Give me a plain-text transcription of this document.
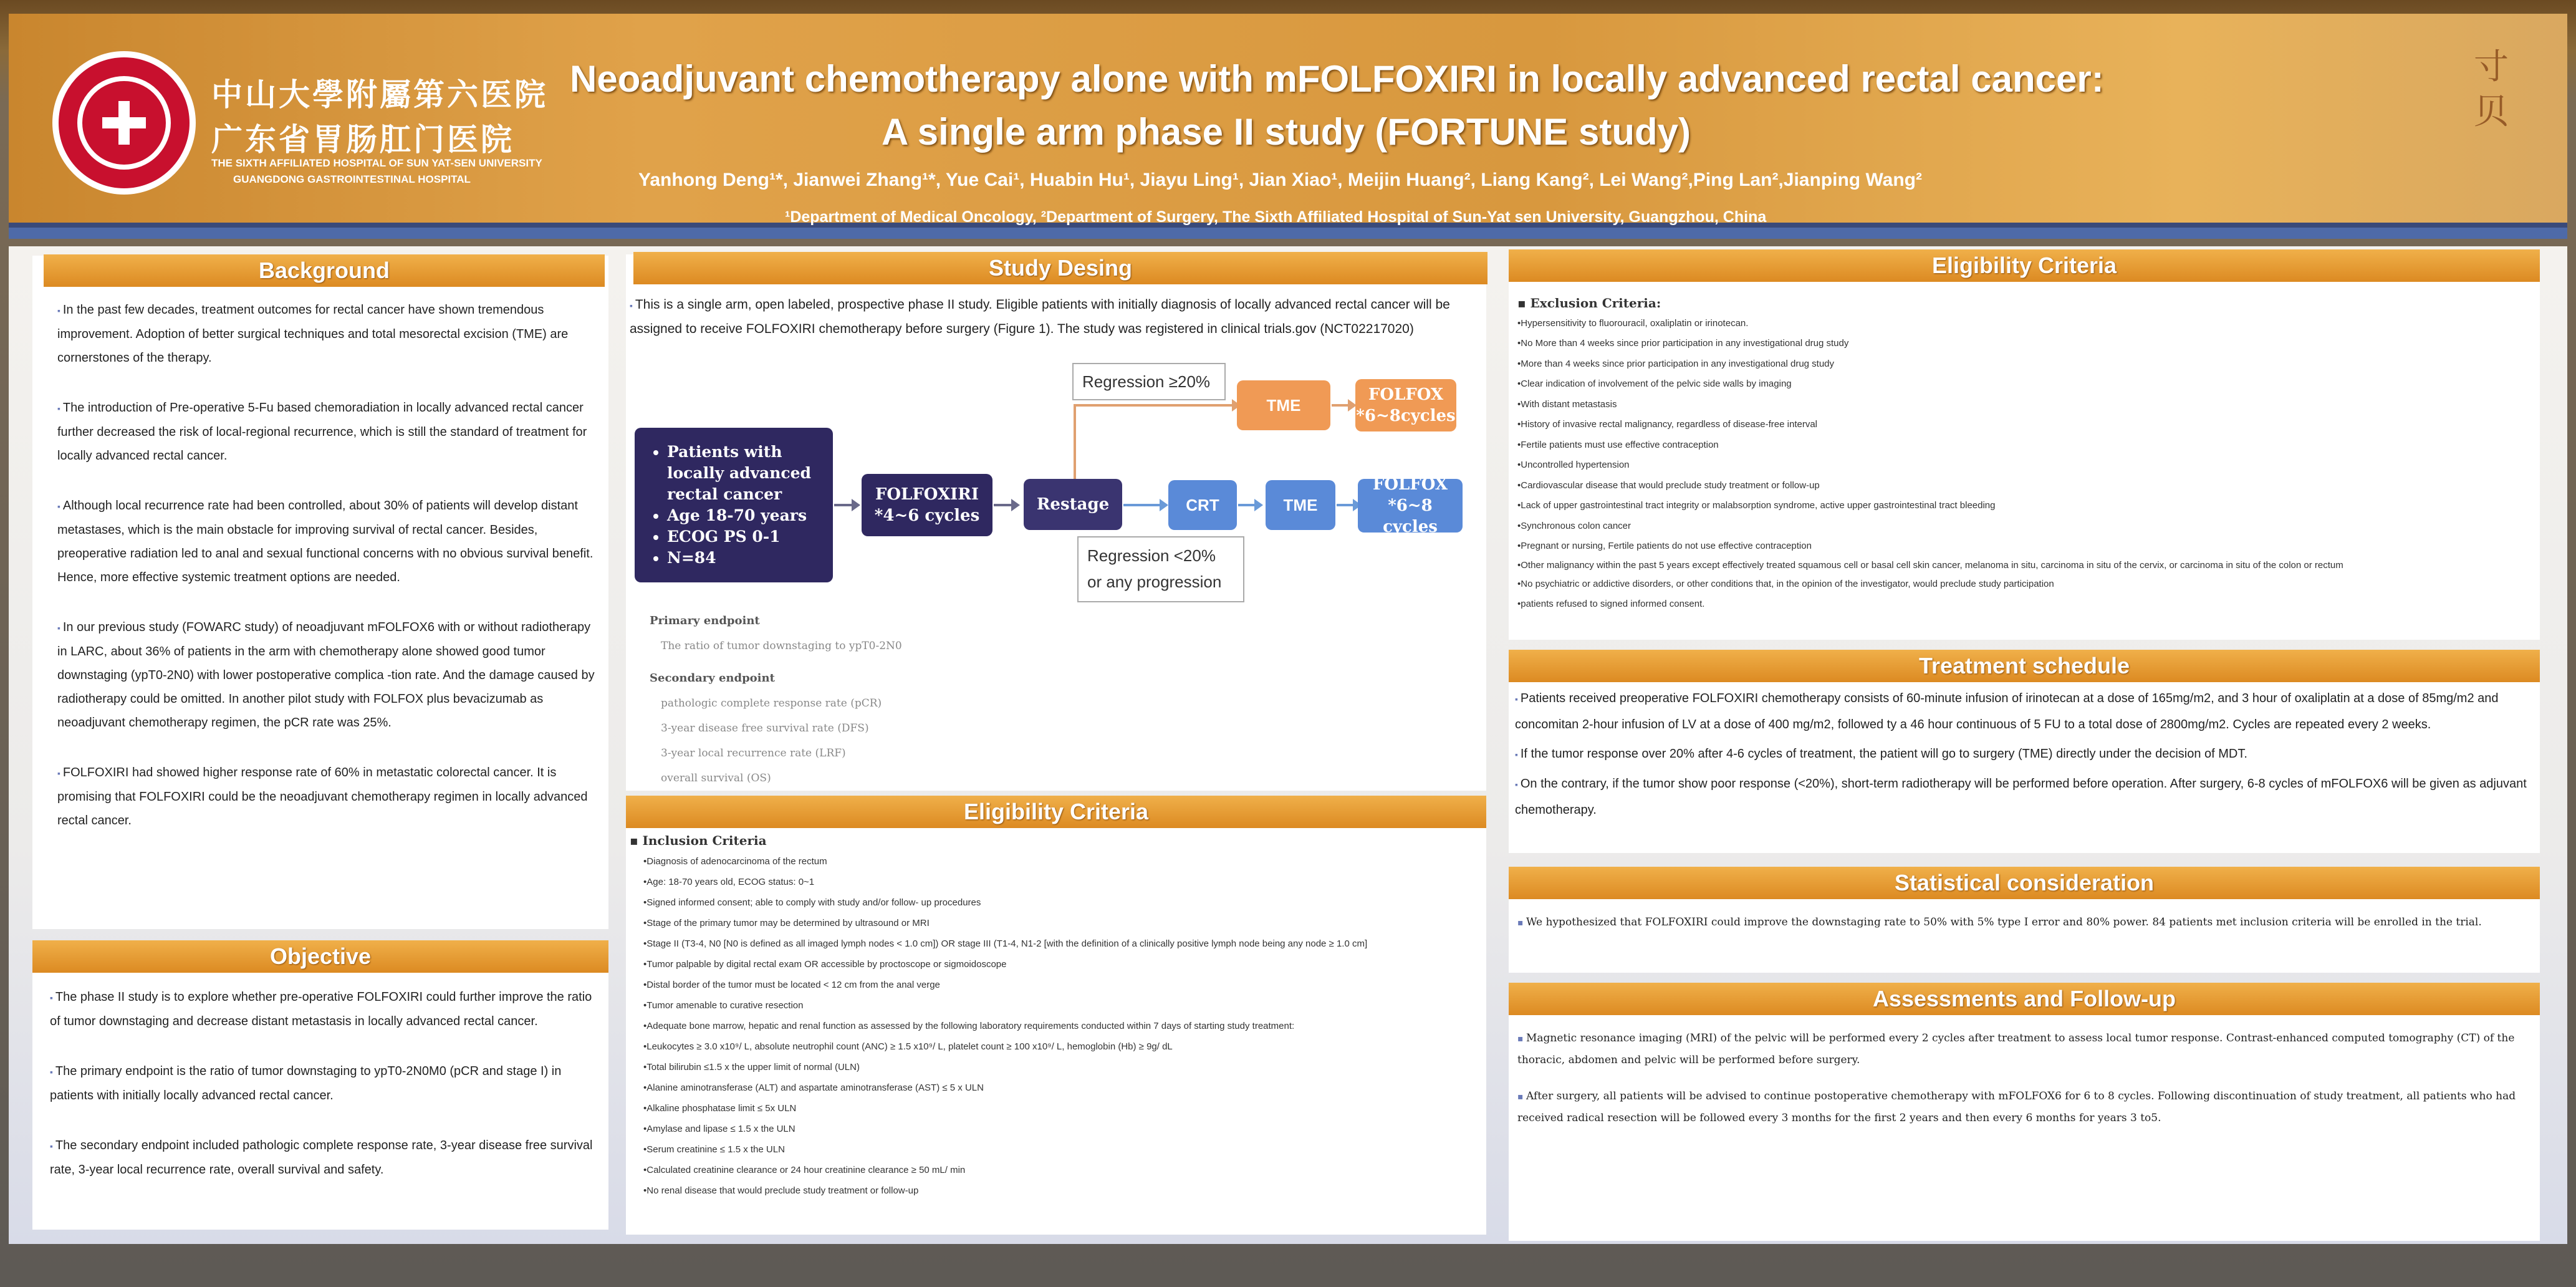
中山大學附屬第六医院
广东省胃肠肛门医院
THE SIXTH AFFILIATED HOSPITAL OF SUN YAT-SEN UNIVERSITY
GUANGDONG GASTROINTESTINAL HOSPITAL
Neoadjuvant chemotherapy alone with mFOLFOXIRI in locally advanced rectal cancer:
A single arm phase II study (FORTUNE study)
Yanhong Deng¹*, Jianwei Zhang¹*, Yue Cai¹, Huabin Hu¹, Jiayu Ling¹, Jian Xiao¹, Meijin Huang², Liang Kang², Lei Wang²,Ping Lan²,Jianping Wang²
¹Department of Medical Oncology, ²Department of Surgery, The Sixth Affiliated Hospital of Sun-Yat sen University, Guangzhou, China
寸贝
Background

▪ In the past few decades, treatment outcomes for rectal cancer have shown tremendous improvement. Adoption of better surgical techniques and total mesorectal excision (TME) are cornerstones of the therapy.

▪ The introduction of Pre-operative 5-Fu based chemoradiation in locally advanced rectal cancer further decreased the risk of local-regional recurrence, which is still the standard of treatment for locally advanced rectal cancer.

▪ Although local recurrence rate had been controlled, about 30% of patients will develop distant metastases, which is the main obstacle for improving survival of rectal cancer. Besides, preoperative radiation led to anal and sexual functional concerns with no obvious survival benefit. Hence, more effective systemic treatment options are needed.

▪ In our previous study (FOWARC study) of neoadjuvant mFOLFOX6 with or without radiotherapy in LARC, about 36% of patients in the arm with chemotherapy alone showed good tumor downstaging (ypT0-2N0) with lower postoperative complica -tion rate. And the damage caused by radiotherapy could be omitted. In another pilot study with FOLFOX plus bevacizumab as neoadjuvant chemotherapy regimen, the pCR rate was 25%.

▪ FOLFOXIRI had showed higher response rate of 60% in metastatic colorectal cancer. It is promising that FOLFOXIRI could be the neoadjuvant chemotherapy regimen in locally advanced rectal cancer.

Objective

▪ The phase II study is to explore whether pre-operative FOLFOXIRI could further improve the ratio of tumor downstaging and decrease distant metastasis in locally advanced rectal cancer.

▪ The primary endpoint is the ratio of tumor downstaging to ypT0-2N0M0 (pCR and stage I) in patients with initially locally advanced rectal cancer.

▪ The secondary endpoint included pathologic complete response rate, 3-year disease free survival rate, 3-year local recurrence rate, overall survival and safety.

Study Desing

▪ This is a single arm, open labeled, prospective phase II study. Eligible patients with initially diagnosis of locally advanced rectal cancer will be assigned to receive FOLFOXIRI chemotherapy before surgery (Figure 1). The study was registered in clinical trials.gov (NCT02217020)

• Patients with locally advanced rectal cancer
• Age 18-70 years
• ECOG PS 0-1
• N=84
FOLFOXIRI
*4~6 cycles
Restage
Regression ≥20%
TME
FOLFOX
*6~8cycles
CRT	TME
FOLFOX
*6~8 cycles
Regression <20%
or any progression
Primary endpoint
The ratio of tumor downstaging to ypT0-2N0
Secondary endpoint
pathologic complete response rate (pCR)
3-year disease free survival rate (DFS)
3-year local recurrence rate (LRF)
overall survival (OS)
Eligibility Criteria
▪ Inclusion Criteria
•Diagnosis of adenocarcinoma of the rectum
•Age: 18-70 years old, ECOG status: 0~1
•Signed informed consent; able to comply with study and/or follow- up procedures
•Stage of the primary tumor may be determined by ultrasound or MRI
•Stage II (T3-4, N0 [N0 is defined as all imaged lymph nodes < 1.0 cm]) OR stage III (T1-4, N1-2 [with the definition of a clinically positive lymph node being any node ≥ 1.0 cm]
•Tumor palpable by digital rectal exam OR accessible by proctoscope or sigmoidoscope
•Distal border of the tumor must be located < 12 cm from the anal verge
•Tumor amenable to curative resection
•Adequate bone marrow, hepatic and renal function as assessed by the following laboratory requirements conducted within 7 days of starting study treatment:
•Leukocytes ≥ 3.0 x10⁹/ L, absolute neutrophil count (ANC) ≥ 1.5 x10⁹/ L, platelet count ≥ 100 x10⁹/ L, hemoglobin (Hb) ≥ 9g/ dL
•Total bilirubin ≤1.5 x the upper limit of normal (ULN)
•Alanine aminotransferase (ALT) and aspartate aminotransferase (AST) ≤ 5 x ULN
•Alkaline phosphatase limit ≤ 5x ULN
•Amylase and lipase ≤ 1.5 x the ULN
•Serum creatinine ≤ 1.5 x the ULN
•Calculated creatinine clearance or 24 hour creatinine clearance ≥ 50 mL/ min
•No renal disease that would preclude study treatment or follow-up
Eligibility Criteria
▪ Exclusion Criteria:
•Hypersensitivity to fluorouracil, oxaliplatin or irinotecan.
•No More than 4 weeks since prior participation in any investigational drug study
•More than 4 weeks since prior participation in any investigational drug study
•Clear indication of involvement of the pelvic side walls by imaging
•With distant metastasis
•History of invasive rectal malignancy, regardless of disease-free interval
•Fertile patients must use effective contraception
•Uncontrolled hypertension
•Cardiovascular disease that would preclude study treatment or follow-up
•Lack of upper gastrointestinal tract integrity or malabsorption syndrome, active upper gastrointestinal tract bleeding
•Synchronous colon cancer
•Pregnant or nursing, Fertile patients do not use effective contraception
•Other malignancy within the past 5 years except effectively treated squamous cell or basal cell skin cancer, melanoma in situ, carcinoma in situ of the cervix, or carcinoma in situ of the colon or rectum
•No psychiatric or addictive disorders, or other conditions that, in the opinion of the investigator, would preclude study participation
•patients refused to signed informed consent.
Treatment schedule

▪ Patients received preoperative FOLFOXIRI chemotherapy consists of 60-minute infusion of irinotecan at a dose of 165mg/m2, and 3 hour of oxaliplatin at a dose of 85mg/m2 and concomitan 2-hour infusion of LV at a dose of 400 mg/m2, followed ty a 46 hour continuous of 5 FU to a total dose of 2800mg/m2. Cycles are repeated every 2 weeks.

▪ If the tumor response over 20% after 4-6 cycles of treatment, the patient will go to surgery (TME) directly under the decision of MDT.

▪ On the contrary, if the tumor show poor response (<20%), short-term radiotherapy will be performed before operation. After surgery, 6-8 cycles of mFOLFOX6 will be given as adjuvant chemotherapy.

Statistical consideration

▪ We hypothesized that FOLFOXIRI could improve the downstaging rate to 50% with 5% type I error and 80% power. 84 patients met inclusion criteria will be enrolled in the trial.

Assessments and Follow-up

▪ Magnetic resonance imaging (MRI) of the pelvic will be performed every 2 cycles after treatment to assess local tumor response. Contrast-enhanced computed tomography (CT) of the thoracic, abdomen and pelvic will be performed before surgery.

▪ After surgery, all patients will be advised to continue postoperative chemotherapy with mFOLFOX6 for 6 to 8 cycles. Following discontinuation of study treatment, all patients who had received radical resection will be followed every 3 months for the first 2 years and then every 6 months for years 3 to5.
